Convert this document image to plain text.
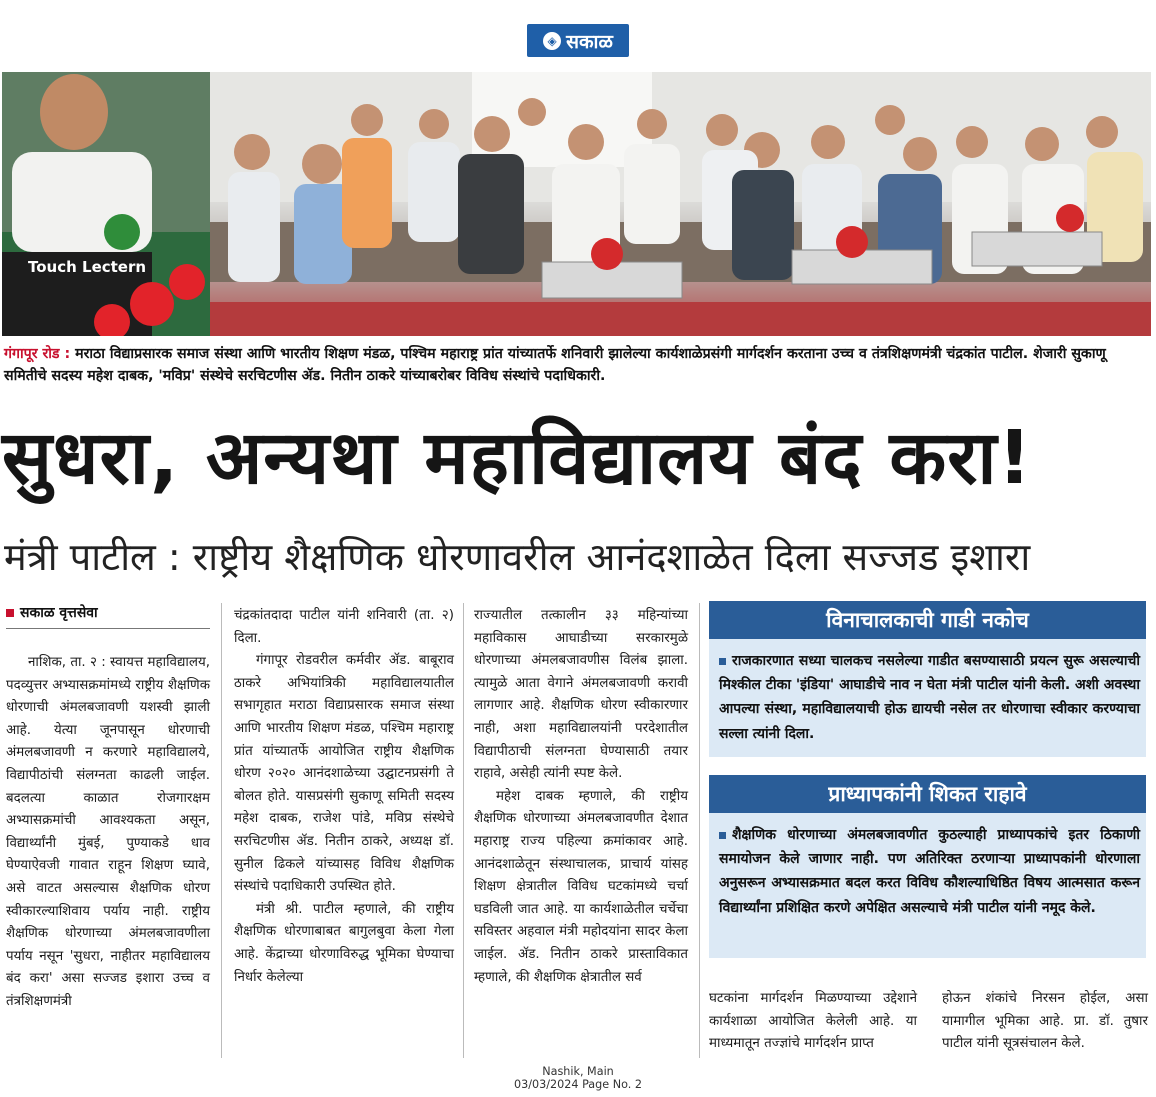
◈ सकाळ
Touch Lectern
गंगापूर रोड : मराठा विद्याप्रसारक समाज संस्था आणि भारतीय शिक्षण मंडळ, पश्चिम महाराष्ट्र प्रांत यांच्यातर्फे शनिवारी झालेल्या कार्यशाळेप्रसंगी मार्गदर्शन करताना उच्च व तंत्रशिक्षणमंत्री चंद्रकांत पाटील. शेजारी सुकाणू समितीचे सदस्य महेश दाबक, 'मविप्र' संस्थेचे सरचिटणीस ॲड. नितीन ठाकरे यांच्याबरोबर विविध संस्थांचे पदाधिकारी.
सुधरा, अन्यथा महाविद्यालय बंद करा!
मंत्री पाटील : राष्ट्रीय शैक्षणिक धोरणावरील आनंदशाळेत दिला सज्जड इशारा
सकाळ वृत्तसेवा

नाशिक, ता. २ : स्वायत्त महाविद्यालय, पदव्युत्तर अभ्यासक्रमांमध्ये राष्ट्रीय शैक्षणिक धोरणाची अंमलबजावणी यशस्वी झाली आहे. येत्या जूनपासून धोरणाची अंमलबजावणी न करणारे महाविद्यालये, विद्यापीठांची संलग्नता काढली जाईल. बदलत्या काळात रोजगारक्षम अभ्यासक्रमांची आवश्यकता असून, विद्यार्थ्यांनी मुंबई, पुण्याकडे धाव घेण्याऐवजी गावात राहून शिक्षण घ्यावे, असे वाटत असल्यास शैक्षणिक धोरण स्वीकारल्याशिवाय पर्याय नाही. राष्ट्रीय शैक्षणिक धोरणाच्या अंमलबजावणीला पर्याय नसून 'सुधरा, नाहीतर महाविद्यालय बंद करा' असा सज्जड इशारा उच्च व तंत्रशिक्षणमंत्री

चंद्रकांतदादा पाटील यांनी शनिवारी (ता. २) दिला.

गंगापूर रोडवरील कर्मवीर ॲड. बाबूराव ठाकरे अभियांत्रिकी महाविद्यालयातील सभागृहात मराठा विद्याप्रसारक समाज संस्था आणि भारतीय शिक्षण मंडळ, पश्चिम महाराष्ट्र प्रांत यांच्यातर्फे आयोजित राष्ट्रीय शैक्षणिक धोरण २०२० आनंदशाळेच्या उद्घाटनप्रसंगी ते बोलत होते. यासप्रसंगी सुकाणू समिती सदस्य महेश दाबक, राजेश पांडे, मविप्र संस्थेचे सरचिटणीस ॲड. नितीन ठाकरे, अध्यक्ष डॉ. सुनील ढिकले यांच्यासह विविध शैक्षणिक संस्थांचे पदाधिकारी उपस्थित होते.

मंत्री श्री. पाटील म्हणाले, की राष्ट्रीय शैक्षणिक धोरणाबाबत बागुलबुवा केला गेला आहे. केंद्राच्या धोरणाविरुद्ध भूमिका घेण्याचा निर्धार केलेल्या

राज्यातील तत्कालीन ३३ महिन्यांच्या महाविकास आघाडीच्या सरकारमुळे धोरणाच्या अंमलबजावणीस विलंब झाला. त्यामुळे आता वेगाने अंमलबजावणी करावी लागणार आहे. शैक्षणिक धोरण स्वीकारणार नाही, अशा महाविद्यालयांनी परदेशातील विद्यापीठाची संलग्नता घेण्यासाठी तयार राहावे, असेही त्यांनी स्पष्ट केले.

महेश दाबक म्हणाले, की राष्ट्रीय शैक्षणिक धोरणाच्या अंमलबजावणीत देशात महाराष्ट्र राज्य पहिल्या क्रमांकावर आहे. आनंदशाळेतून संस्थाचालक, प्राचार्य यांसह शिक्षण क्षेत्रातील विविध घटकांमध्ये चर्चा घडविली जात आहे. या कार्यशाळेतील चर्चेचा सविस्तर अहवाल मंत्री महोदयांना सादर केला जाईल. ॲड. नितीन ठाकरे प्रास्ताविकात म्हणाले, की शैक्षणिक क्षेत्रातील सर्व

विनाचालकाची गाडी नकोच
राजकारणात सध्या चालकच नसलेल्या गाडीत बसण्यासाठी प्रयत्न सुरू असल्याची मिश्कील टीका 'इंडिया' आघाडीचे नाव न घेता मंत्री पाटील यांनी केली. अशी अवस्था आपल्या संस्था, महाविद्यालयाची होऊ द्यायची नसेल तर धोरणाचा स्वीकार करण्याचा सल्ला त्यांनी दिला.
प्राध्यापकांनी शिकत राहावे
शैक्षणिक धोरणाच्या अंमलबजावणीत कुठल्याही प्राध्यापकांचे इतर ठिकाणी समायोजन केले जाणार नाही. पण अतिरिक्त ठरणाऱ्या प्राध्यापकांनी धोरणाला अनुसरून अभ्यासक्रमात बदल करत विविध कौशल्याधिष्ठित विषय आत्मसात करून विद्यार्थ्यांना प्रशिक्षित करणे अपेक्षित असल्याचे मंत्री पाटील यांनी नमूद केले.

घटकांना मार्गदर्शन मिळण्याच्या उद्देशाने कार्यशाळा आयोजित केलेली आहे. या माध्यमातून तज्ज्ञांचे मार्गदर्शन प्राप्त

होऊन शंकांचे निरसन होईल, असा यामागील भूमिका आहे. प्रा. डॉ. तुषार पाटील यांनी सूत्रसंचालन केले.

Nashik, Main
03/03/2024 Page No. 2
